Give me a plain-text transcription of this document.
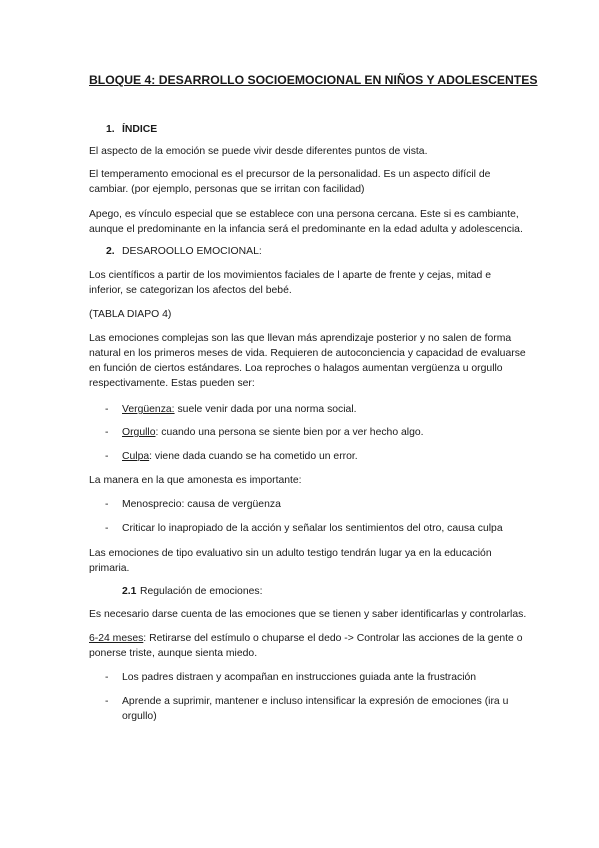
BLOQUE 4: DESARROLLO SOCIOEMOCIONAL EN NIÑOS Y ADOLESCENTES
1. ÍNDICE
El aspecto de la emoción se puede vivir desde diferentes puntos de vista.
El temperamento emocional es el precursor de la personalidad. Es un aspecto difícil de
cambiar. (por ejemplo, personas que se irritan con facilidad)
Apego, es vínculo especial que se establece con una persona cercana. Este si es cambiante,
aunque el predominante en la infancia será el predominante en la edad adulta y adolescencia.
2. DESAROOLLO EMOCIONAL:
Los científicos a partir de los movimientos faciales de l aparte de frente y cejas, mitad e
inferior, se categorizan los afectos del bebé.
(TABLA DIAPO 4)
Las emociones complejas son las que llevan más aprendizaje posterior y no salen de forma
natural en los primeros meses de vida. Requieren de autoconciencia y capacidad de evaluarse
en función de ciertos estándares. Loa reproches o halagos aumentan vergüenza u orgullo
respectivamente. Estas pueden ser:
- Vergüenza: suele venir dada por una norma social.
- Orgullo: cuando una persona se siente bien por a ver hecho algo.
- Culpa: viene dada cuando se ha cometido un error.
La manera en la que amonesta es importante:
- Menosprecio: causa de vergüenza
- Criticar lo inapropiado de la acción y señalar los sentimientos del otro, causa culpa
Las emociones de tipo evaluativo sin un adulto testigo tendrán lugar ya en la educación
primaria.
2.1 Regulación de emociones:
Es necesario darse cuenta de las emociones que se tienen y saber identificarlas y controlarlas.
6-24 meses: Retirarse del estímulo o chuparse el dedo -> Controlar las acciones de la gente o
ponerse triste, aunque sienta miedo.
- Los padres distraen y acompañan en instrucciones guiada ante la frustración
- Aprende a suprimir, mantener e incluso intensificar la expresión de emociones (ira u
orgullo)
